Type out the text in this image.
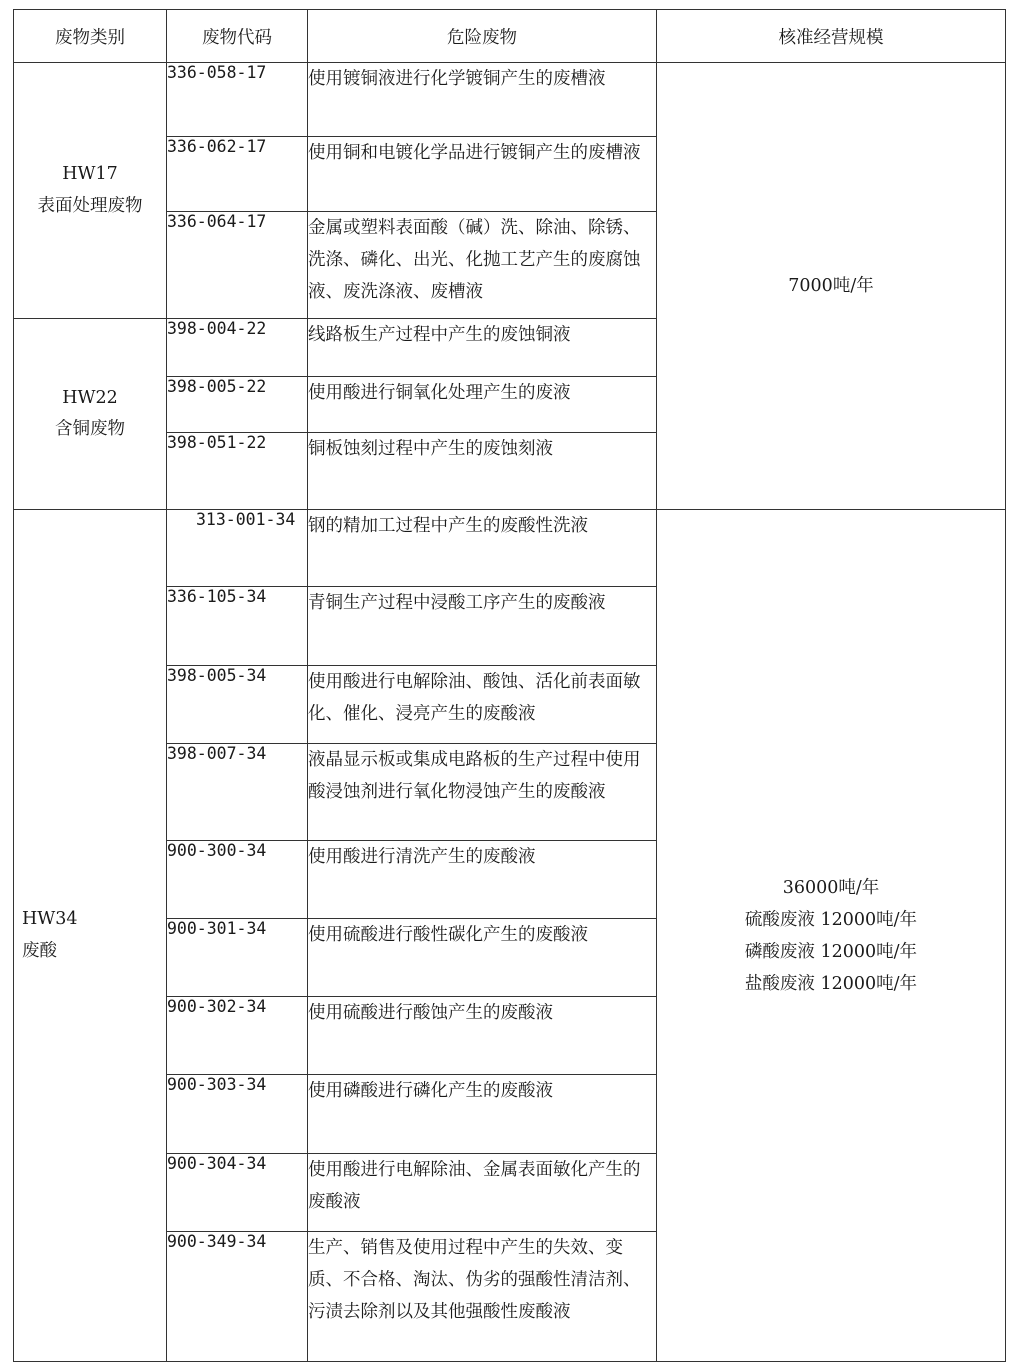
废物类别	废物代码	危险废物	核准经营规模

HW17
表面处理废物	336-058-17	使用镀铜液进行化学镀铜产生的废槽液	7000吨/年
	336-062-17	使用铜和电镀化学品进行镀铜产生的废槽液	
	336-064-17	金属或塑料表面酸（碱）洗、除油、除锈、洗涤、磷化、出光、化抛工艺产生的废腐蚀液、废洗涤液、废槽液	

HW22
含铜废物	398-004-22	线路板生产过程中产生的废蚀铜液	
	398-005-22	使用酸进行铜氧化处理产生的废液	
	398-051-22	铜板蚀刻过程中产生的废蚀刻液	

HW34
废酸	313-001-34	钢的精加工过程中产生的废酸性洗液	36000吨/年
硫酸废液 12000吨/年
磷酸废液 12000吨/年
盐酸废液 12000吨/年

	336-105-34	青铜生产过程中浸酸工序产生的废酸液	
	398-005-34	使用酸进行电解除油、酸蚀、活化前表面敏化、催化、浸亮产生的废酸液	
	398-007-34	液晶显示板或集成电路板的生产过程中使用酸浸蚀剂进行氧化物浸蚀产生的废酸液	
	900-300-34	使用酸进行清洗产生的废酸液	
	900-301-34	使用硫酸进行酸性碳化产生的废酸液	
	900-302-34	使用硫酸进行酸蚀产生的废酸液	
	900-303-34	使用磷酸进行磷化产生的废酸液	
	900-304-34	使用酸进行电解除油、金属表面敏化产生的废酸液	
	900-349-34	生产、销售及使用过程中产生的失效、变质、不合格、淘汰、伪劣的强酸性清洁剂、污渍去除剂以及其他强酸性废酸液	
